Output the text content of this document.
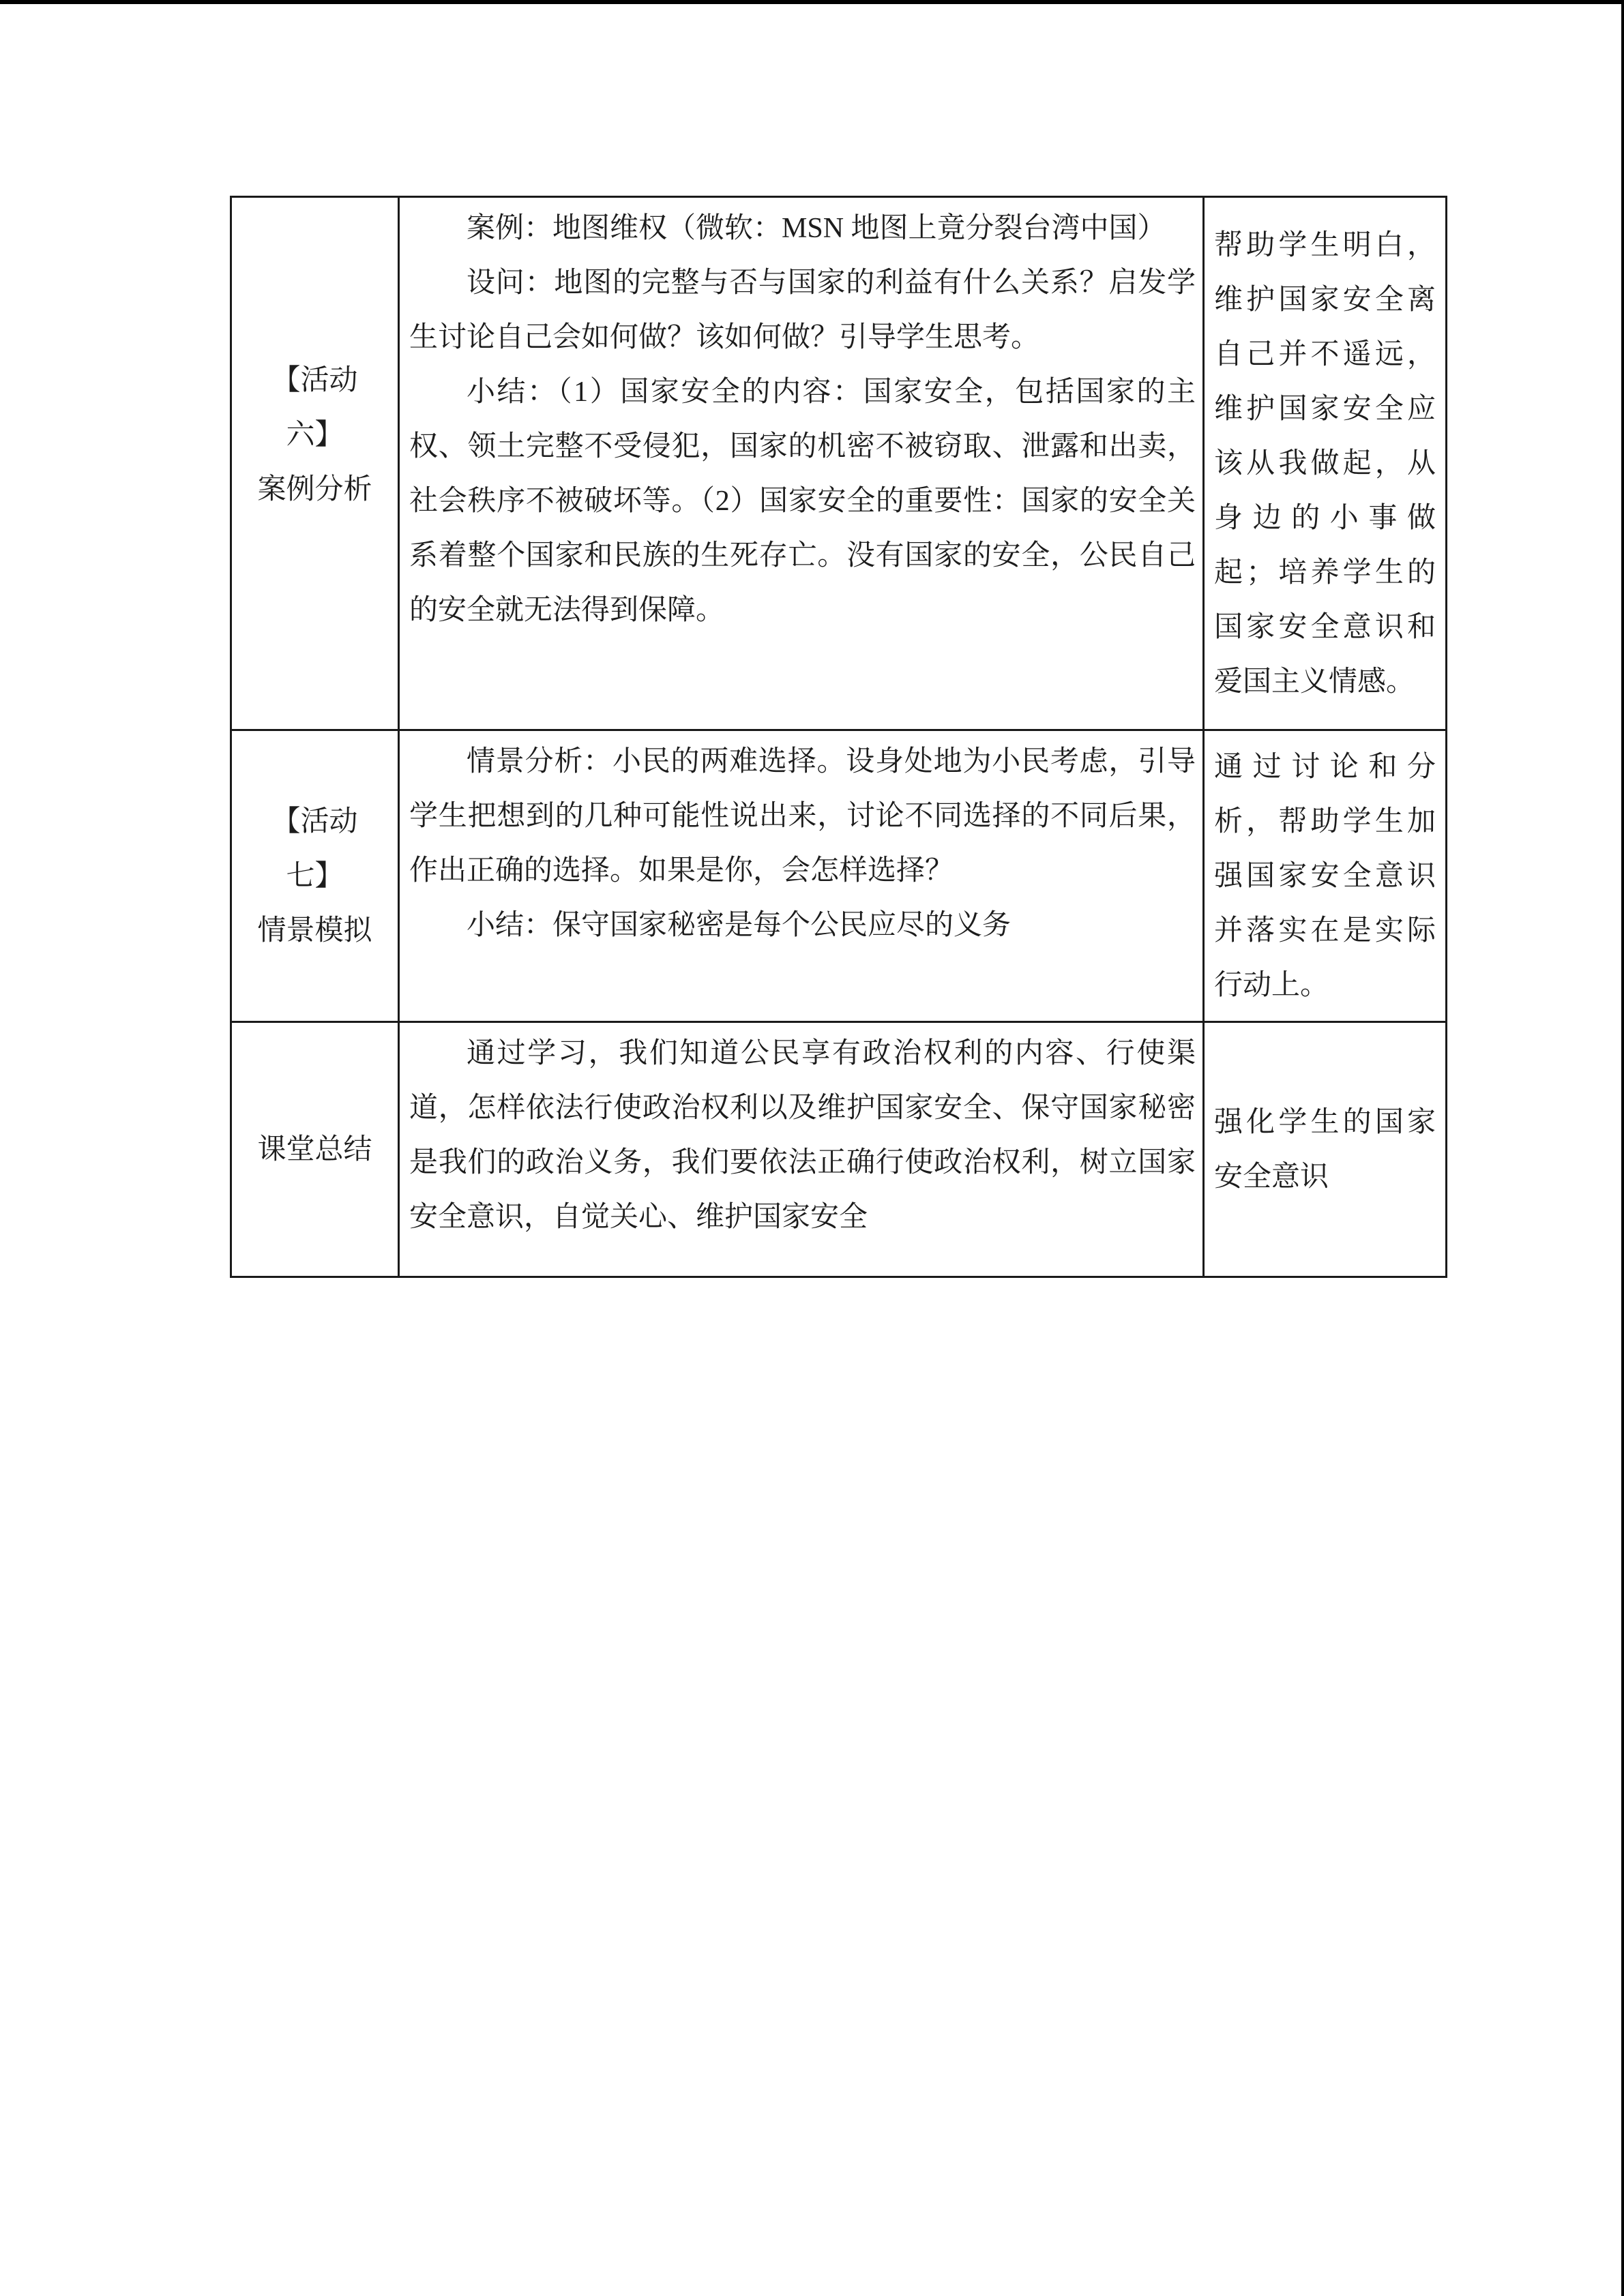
【活动
六】
案例分析

案例：地图维权（微软：MSN 地图上竟分裂台湾中国）

设问：地图的完整与否与国家的利益有什么关系？启发学生讨论自己会如何做？该如何做？引导学生思考。

小结：（1）国家安全的内容：国家安全，包括国家的主权、领土完整不受侵犯，国家的机密不被窃取、泄露和出卖，社会秩序不被破坏等。（2）国家安全的重要性：国家的安全关系着整个国家和民族的生死存亡。没有国家的安全，公民自己的安全就无法得到保障。

帮助学生明白，维护国家安全离自己并不遥远，维护国家安全应该从我做起，从身边的小事做起；培养学生的国家安全意识和爱国主义情感。

【活动
七】
情景模拟

情景分析：小民的两难选择。设身处地为小民考虑，引导学生把想到的几种可能性说出来，讨论不同选择的不同后果，作出正确的选择。如果是你，会怎样选择？

小结：保守国家秘密是每个公民应尽的义务

通过讨论和分析，帮助学生加强国家安全意识并落实在是实际行动上。

课堂总结

通过学习，我们知道公民享有政治权利的内容、行使渠道，怎样依法行使政治权利以及维护国家安全、保守国家秘密是我们的政治义务，我们要依法正确行使政治权利，树立国家安全意识，自觉关心、维护国家安全

强化学生的国家安全意识
